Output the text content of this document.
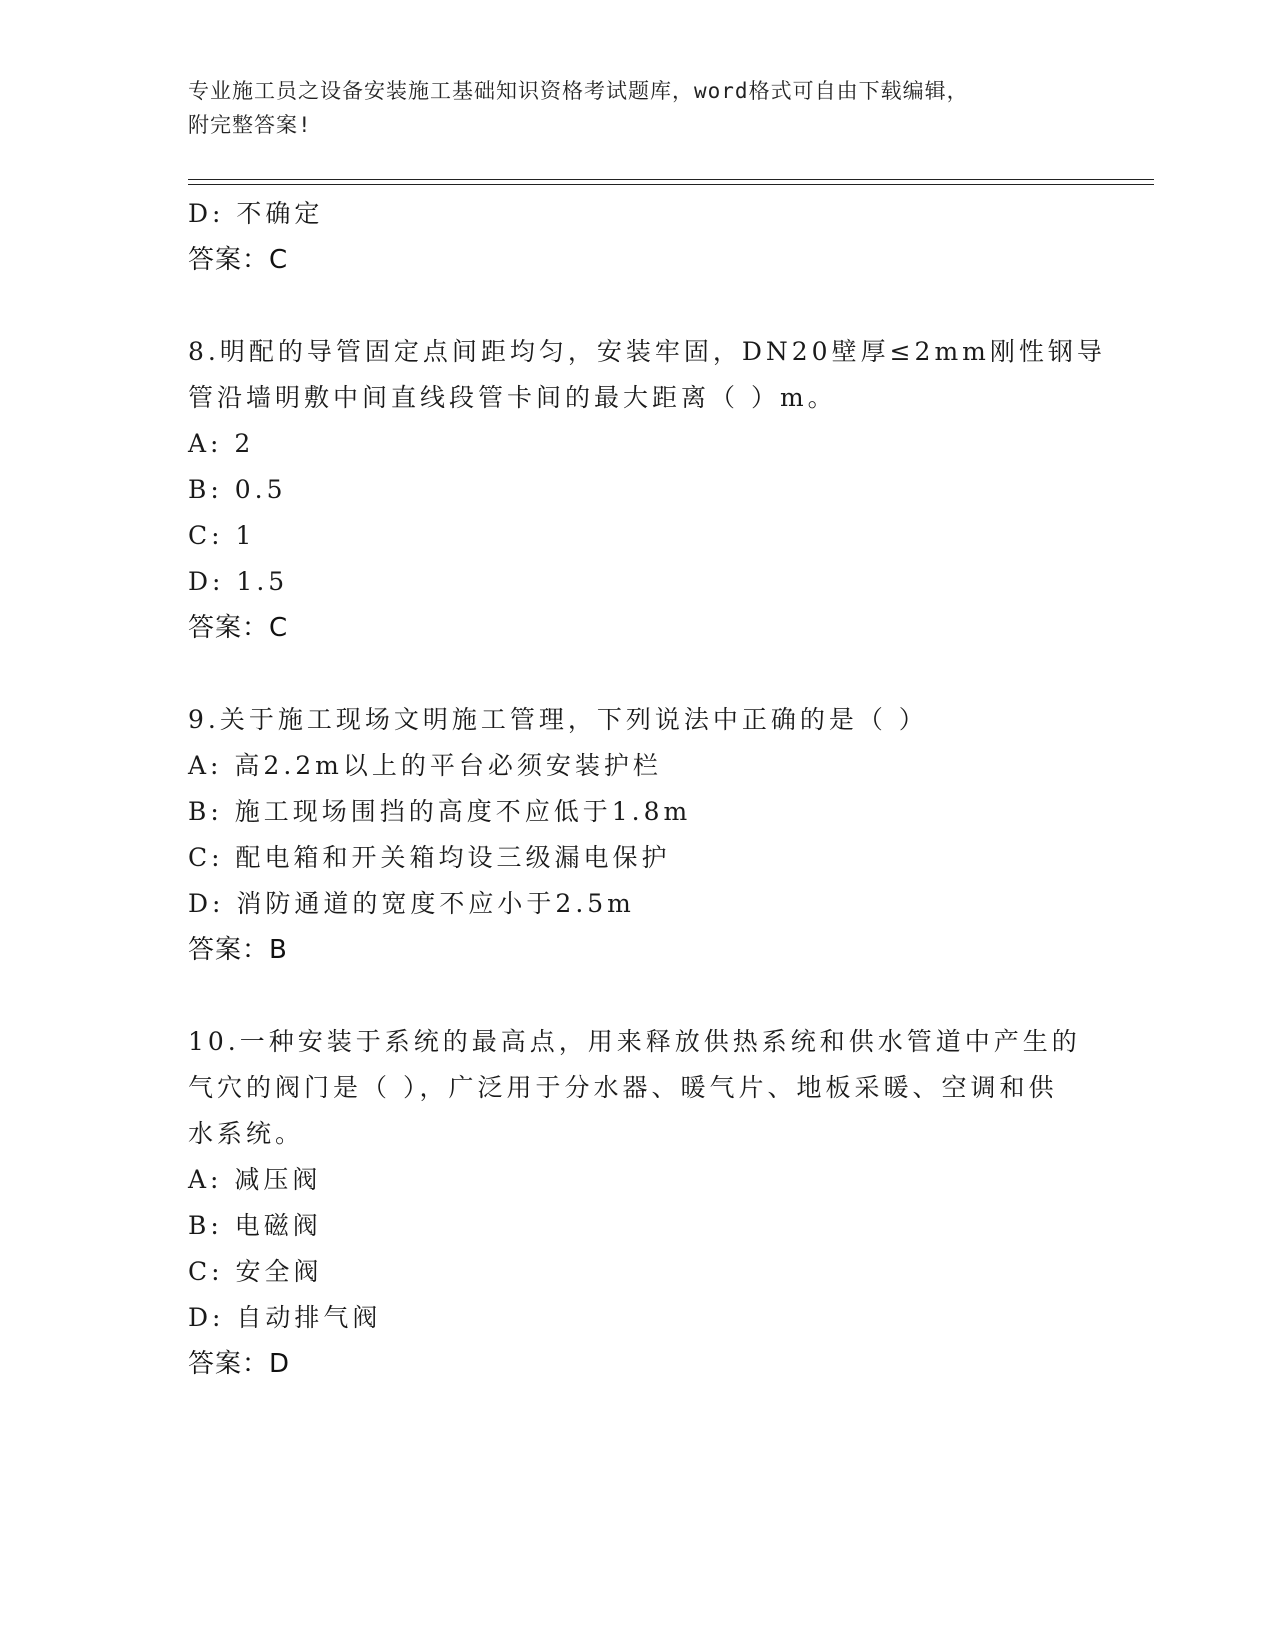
专业施工员之设备安装施工基础知识资格考试题库，word格式可自由下载编辑，
附完整答案!
D: 不确定
答案：C
8.明配的导管固定点间距均匀，安装牢固，DN20壁厚≤2mm刚性钢导
管沿墙明敷中间直线段管卡间的最大距离（ ）m。
A: 2
B: 0.5
C: 1
D: 1.5
答案：C
9.关于施工现场文明施工管理，下列说法中正确的是（ ）
A: 高2.2m以上的平台必须安装护栏
B: 施工现场围挡的高度不应低于1.8m
C: 配电箱和开关箱均设三级漏电保护
D: 消防通道的宽度不应小于2.5m
答案：B
10.一种安装于系统的最高点，用来释放供热系统和供水管道中产生的
气穴的阀门是（ ），广泛用于分水器、暖气片、地板采暖、空调和供
水系统。
A: 减压阀
B: 电磁阀
C: 安全阀
D: 自动排气阀
答案：D
